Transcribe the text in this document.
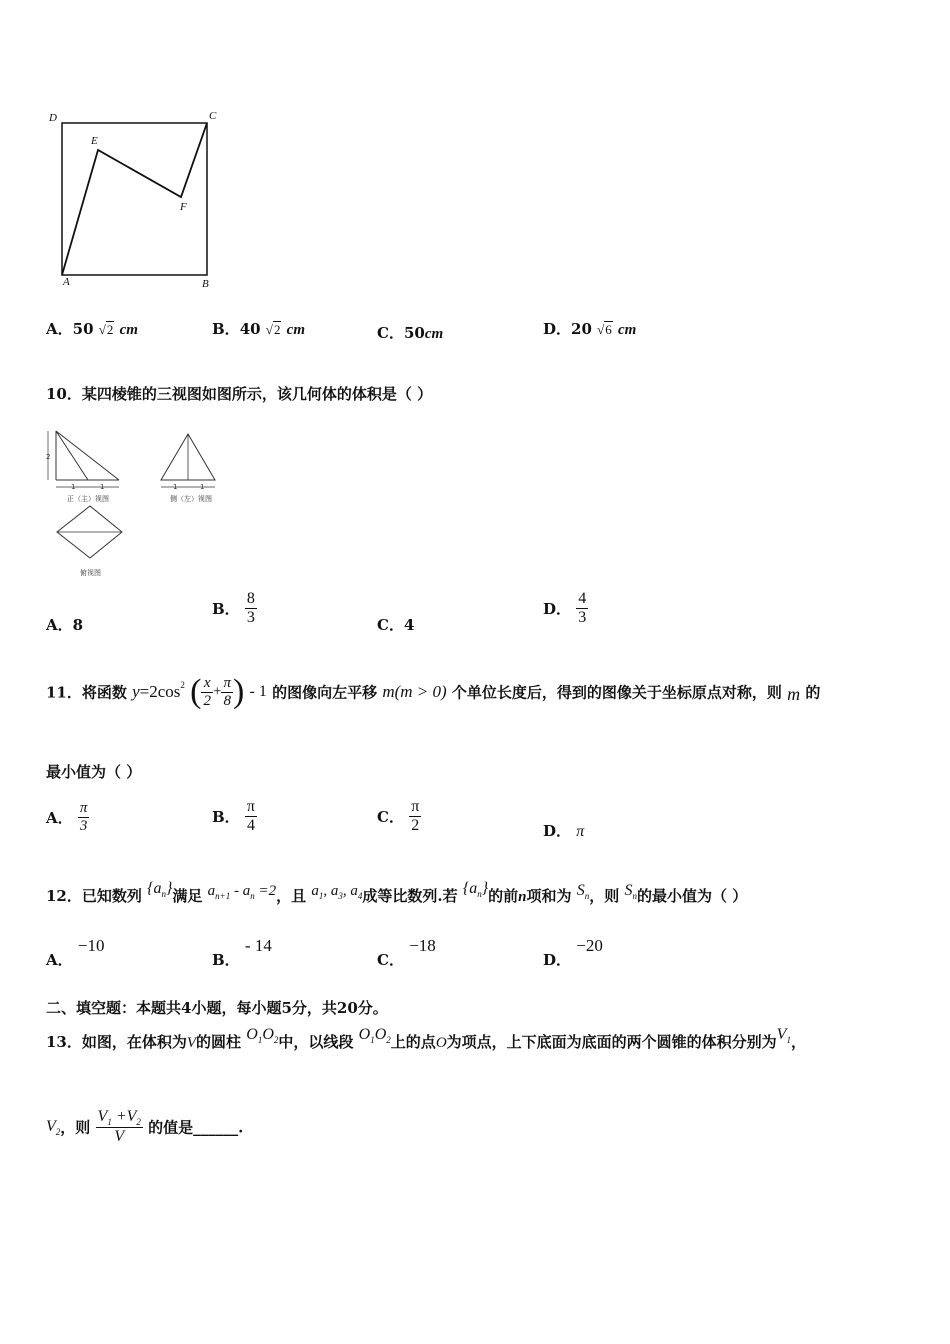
D	C
E
F
A	B
A．50 √2 cm	B．40 √2 cm	C．50cm	D．20 √6 cm
10．某四棱锥的三视图如图所示，该几何体的体积是（ ）
2
1	1
正（主）视图
1	1
侧（左）视图
俯视图
A．8
B． $\frac{8}{3}$	C．4
D． $\frac{4}{3}$
11．将函数 $y=2\cos^2$ ( $\frac{x}{2} + \frac{\pi}{8}$ ) - 1 的图像向左平移 m(m > 0) 个单位长度后，得到的图像关于坐标原点对称，则 m 的
最小值为（ ）
A． $\frac{\pi}{3}$	B． $\frac{\pi}{4}$	C． $\frac{\pi}{2}$	D． π
12．已知数列 $\{a_n\}$满足 $a_{n+1} - a_n =2$，且 $a_1$, $a_3$, $a_4$成等比数列.若 $\{a_n\}$的前n项和为 $S_n$，则 $S_n$的最小值为（ ）
A． −10
B． - 14
C． −18
D． −20
二、填空题：本题共4小题，每小题5分，共20分。
13．如图，在体积为V的圆柱 $O_1O_2$中，以线段 $O_1O_2$上的点O为项点，上下底面为底面的两个圆锥的体积分别为$V_1$，
$V_2$，则 $\frac{V_1 +V_2}{V}$ 的值是______.
